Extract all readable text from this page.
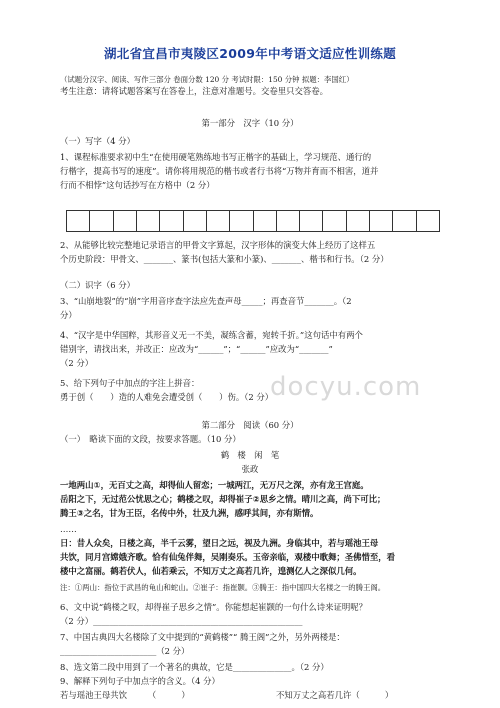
湖北省宜昌市夷陵区2009年中考语文适应性训练题
（试题分汉字、阅读、写作三部分 卷面分数 120 分 考试时限：150 分钟 拟题：李国红）
考生注意：请将试题答案写在答卷上，注意对准题号。交卷里只交答卷。
第一部分　汉字（10 分）
（一）写字（4 分）
1、课程标准要求初中生“在使用硬笔熟练地书写正楷字的基础上，学习规范、通行的
行楷字，提高书写的速度”。请你将用规范的楷书或者行书将“万物并育而不相害，道并
行而不相悖”这句话抄写在方格中（2 分）
2、从能够比较完整地记录语言的甲骨文字算起，汉字形体的演变大体上经历了这样五
个历史阶段：甲骨文、_______、篆书(包括大篆和小篆)、_______、楷书和行书。（2 分）
（二）识字（6 分）
3、“山崩地裂”的“崩”字用音序查字法应先查声母_____；再查音节_______。（2
分）
4、“汉字是中华国粹，其形音义无一不美，凝练含蓄，宛转千折。”这句话中有两个
错别字，请找出来，并改正：应改为“______”；“______”应改为“_______”
（2 分）
5、给下列句子中加点的字注上拼音：
勇于创（　　）造的人难免会遭受创（　　）伤。（2 分）
docyu.com
第二部分　阅读（60 分）
（一）　略读下面的文段，按要求答题。（10 分）
鹤　楼　闲　笔
张政
一地两山①，无百丈之高，却得仙人留恋；一城两江，无万尺之深，亦有龙王宫庭。
岳阳之下，无过范公忧思之心；鹤楼之叹，却得崔子②思乡之情。晴川之高，尚下可比；
腾王③之名，甘为王臣，名传中外，壮及九洲，感呼其间，亦有斯情。
……
日：昔人众矣，日楼之高，半千云雾，望日之远，视及九洲。身临其中，若与瑶池王母
共饮，同月宫嫦娥齐歌。恰有仙兔伴舞，吴刚奏乐。玉帝亲临，观楼中歌舞；圣佛惜至，看
楼中之富丽。鹤若伏人，仙若乘云，不知万丈之高若几许，遑测亿人之深似几何。
注：①两山：指位于武昌的龟山和蛇山。②崔子：指崔颢。③腾王：指中国四大名楼之一的腾王阁。
6、文中说“鹤楼之叹，却得崔子思乡之情”。你能想起崔颢的一句什么诗来证明呢？
（2 分）__________________________________________________
7、中国古典四大名楼除了文中提到的“黄鹤楼”“ 腾王阁”之外，另外两楼是：
_______________________（2 分）
8、选文第二段中用到了一个著名的典故，它是______________。（2 分）
9、解释下列句子中加点字的含义。（4 分）
若与瑶池王母共饮　　　（　　　）	不知万丈之高若几许（　　　）
